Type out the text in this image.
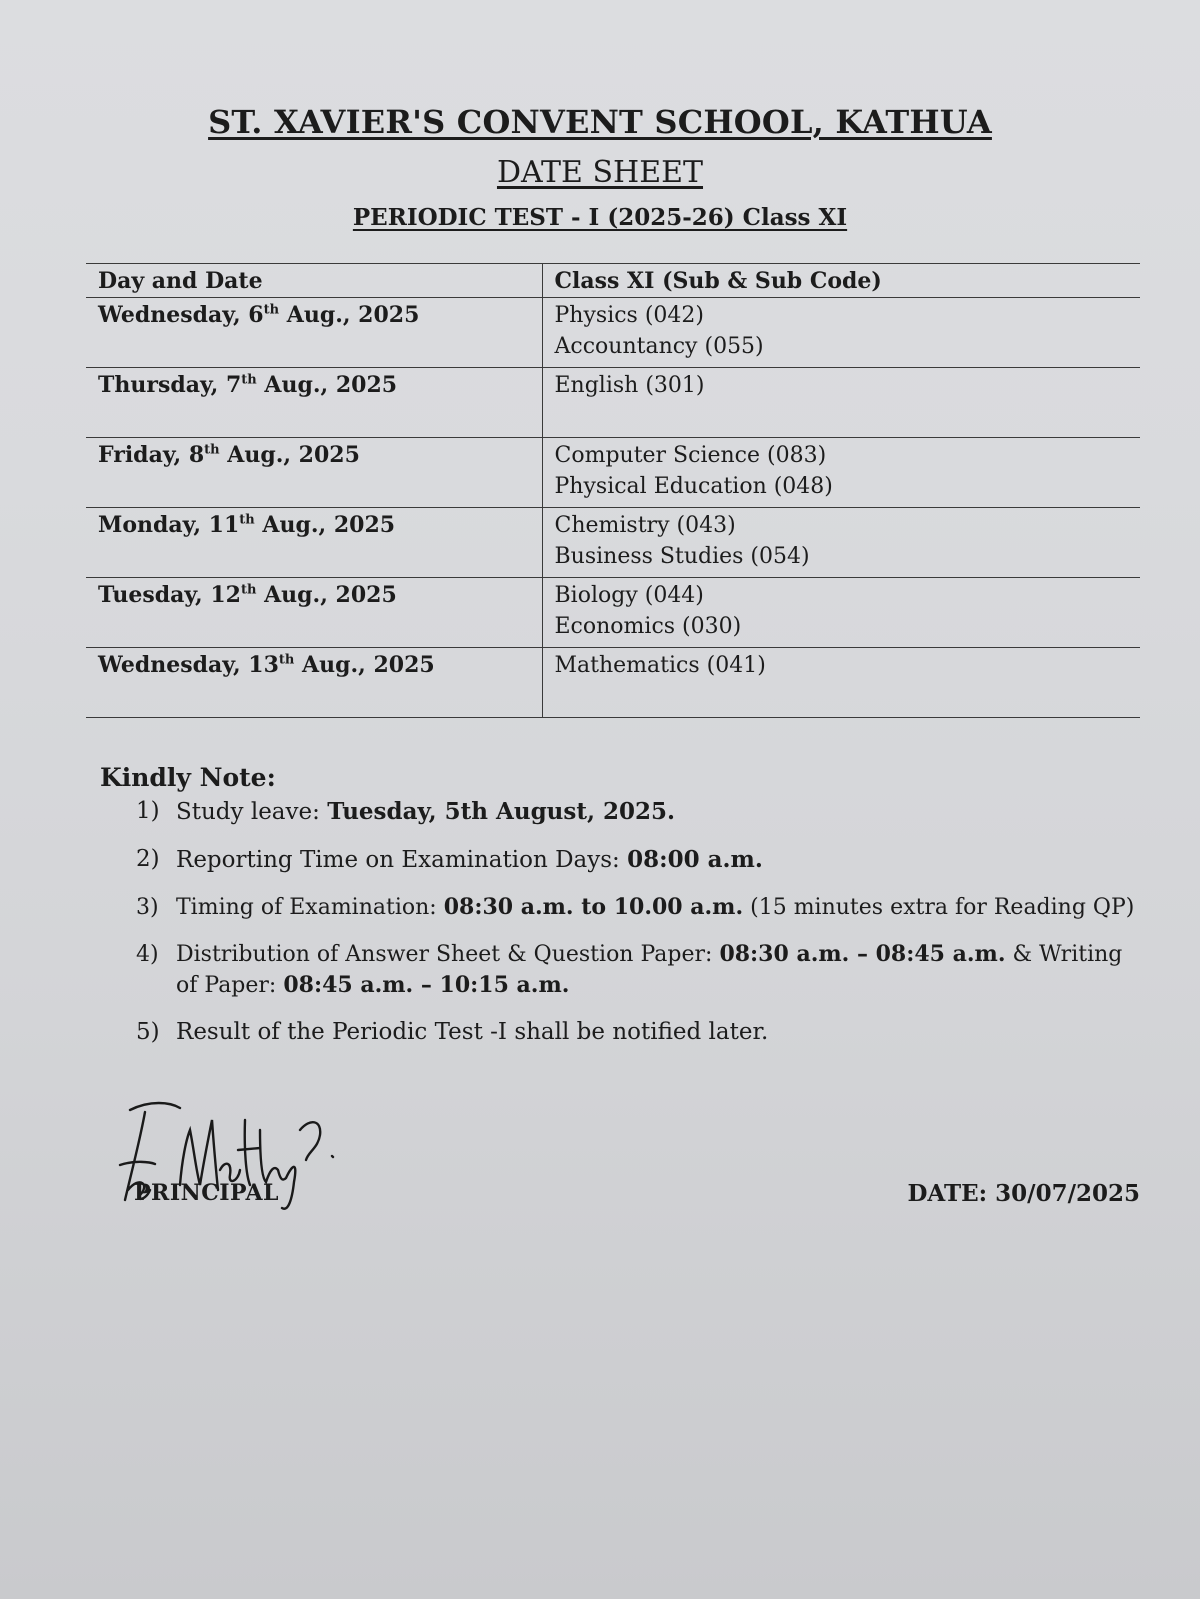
ST. XAVIER'S CONVENT SCHOOL, KATHUA
DATE SHEET
PERIODIC TEST - I (2025-26) Class XI
Day and Date	Class XI (Sub & Sub Code)
Wednesday, 6th Aug., 2025	Physics (042)
Accountancy (055)

Thursday, 7th Aug., 2025	English (301)

Friday, 8th Aug., 2025	Computer Science (083)
Physical Education (048)

Monday, 11th Aug., 2025	Chemistry (043)
Business Studies (054)

Tuesday, 12th Aug., 2025	Biology (044)
Economics (030)

Wednesday, 13th Aug., 2025	Mathematics (041)
Kindly Note:
1) Study leave: Tuesday, 5th August, 2025.
2) Reporting Time on Examination Days: 08:00 a.m.
3) Timing of Examination: 08:30 a.m. to 10.00 a.m. (15 minutes extra for Reading QP)
4) Distribution of Answer Sheet & Question Paper: 08:30 a.m. – 08:45 a.m. & Writing of Paper: 08:45 a.m. – 10:15 a.m.
5) Result of the Periodic Test -I shall be notified later.
PRINCIPAL	DATE: 30/07/2025
